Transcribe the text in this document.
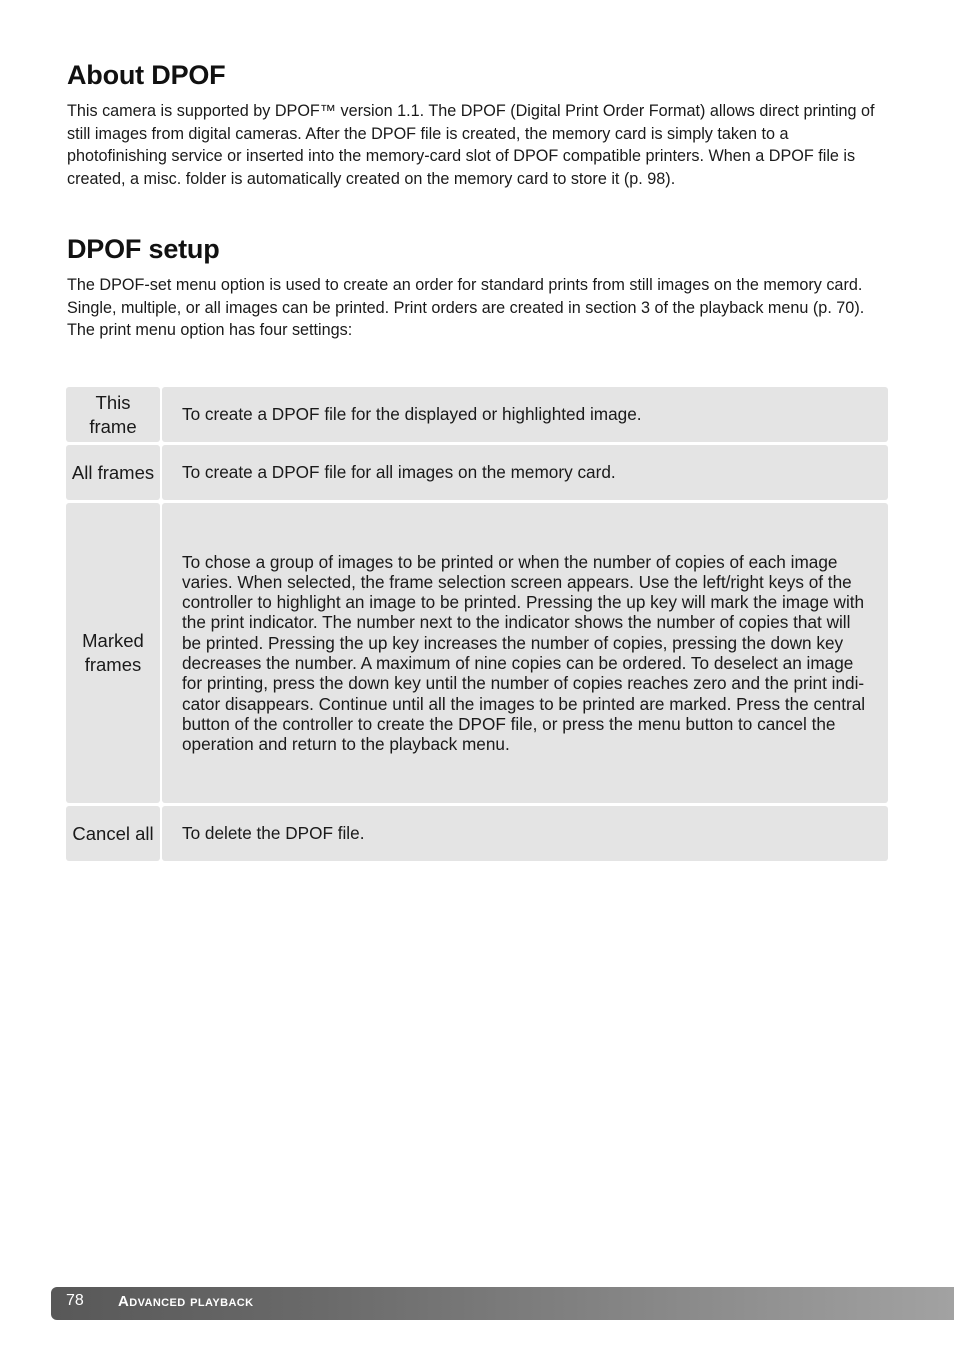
About DPOF

This camera is supported by DPOF™ version 1.1. The DPOF (Digital Print Order Format) allows direct printing of still images from digital cameras. After the DPOF file is created, the memory card is simply taken to a photofinishing service or inserted into the memory-card slot of DPOF compatible printers. When a DPOF file is created, a misc. folder is automatically created on the memory card to store it (p. 98).

DPOF setup

The DPOF-set menu option is used to create an order for standard prints from still images on the memory card. Single, multiple, or all images can be printed. Print orders are created in section 3 of the playback menu (p. 70). The print menu option has four settings:

This
frame
To create a DPOF file for the displayed or highlighted image.
All frames	To create a DPOF file for all images on the memory card.
Marked
frames
To chose a group of images to be printed or when the number of copies of each image varies. When selected, the frame selection screen appears. Use the left/right keys of the controller to highlight an image to be printed. Pressing the up key will mark the image with the print indicator. The number next to the indicator shows the number of copies that will be printed. Pressing the up key increases the number of copies, pressing the down key decreases the number. A maximum of nine copies can be ordered. To deselect an image for printing, press the down key until the number of copies reaches zero and the print indi-cator disappears. Continue until all the images to be printed are marked. Press the central button of the controller to create the DPOF file, or press the menu button to cancel the operation and return to the playback menu.
Cancel all	To delete the DPOF file.
78 Advanced playback
